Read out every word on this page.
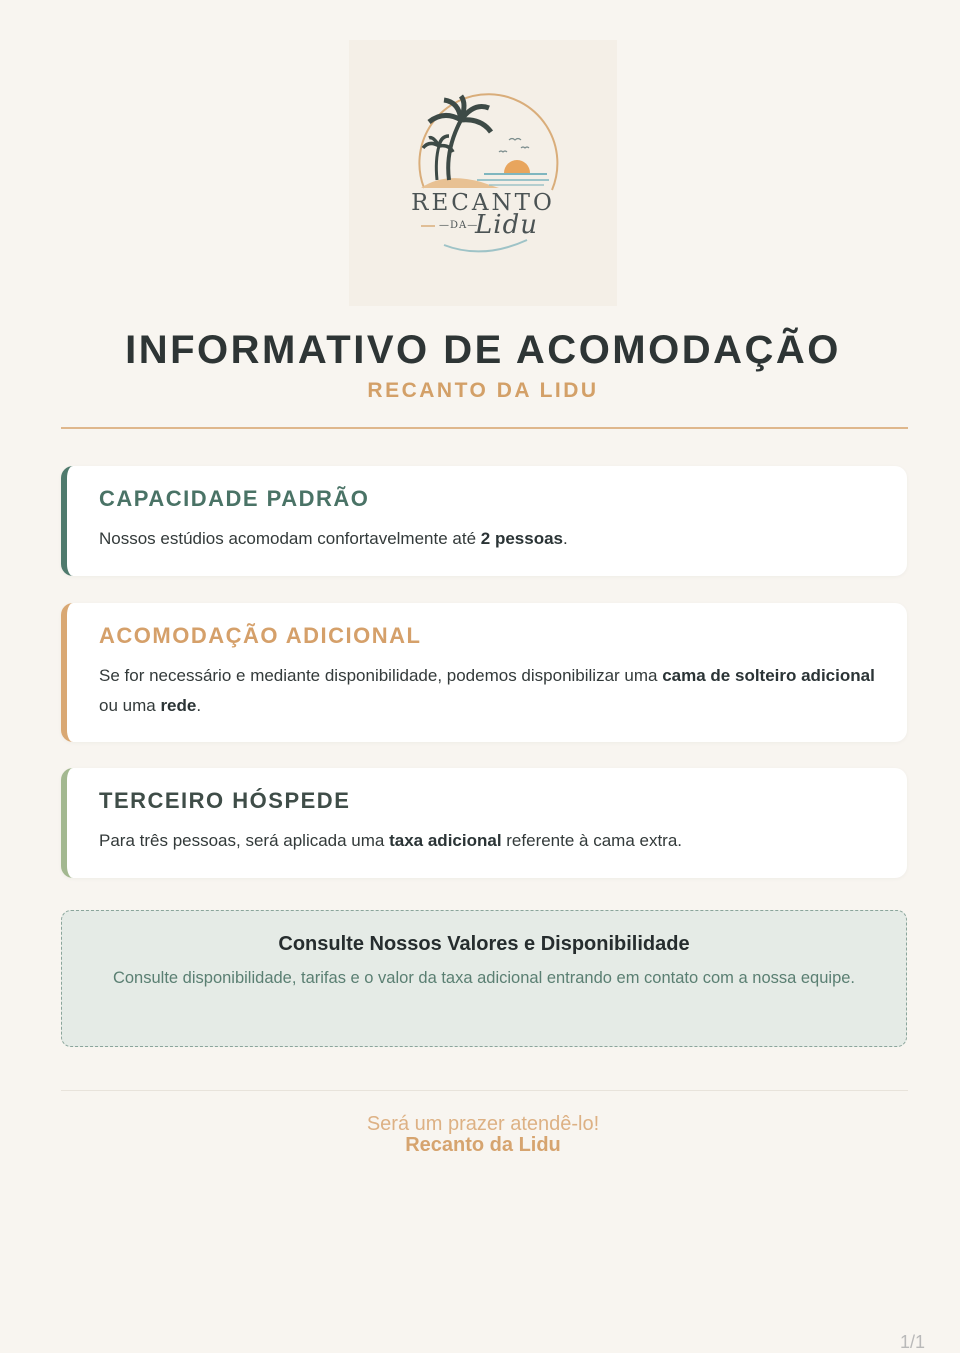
RECANTO
—DA—
Lidu
INFORMATIVO DE ACOMODAÇÃO
RECANTO DA LIDU
CAPACIDADE PADRÃO
Nossos estúdios acomodam confortavelmente até 2 pessoas.
ACOMODAÇÃO ADICIONAL
Se for necessário e mediante disponibilidade, podemos disponibilizar uma cama de solteiro adicional ou uma rede.
TERCEIRO HÓSPEDE
Para três pessoas, será aplicada uma taxa adicional referente à cama extra.
Consulte Nossos Valores e Disponibilidade
Consulte disponibilidade, tarifas e o valor da taxa adicional entrando em contato com a nossa equipe.
Será um prazer atendê-lo!
Recanto da Lidu
1/1
